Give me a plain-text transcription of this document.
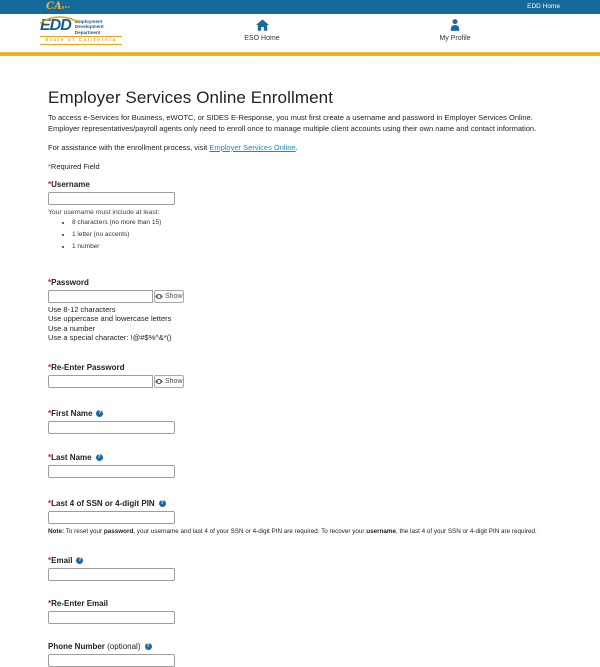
CAgov	EDD Home
EDD Employment
Development
Department
State of California	ESO Home	My Profile
Employer Services Online Enrollment

To access e-Services for Business, eWOTC, or SIDES E-Response, you must first create a username and password in Employer Services Online. Employer representatives/payroll agents only need to enroll once to manage multiple client accounts using their own name and contact information.

For assistance with the enrollment process, visit Employer Services Online.

*Required Field

* Username
Your username must include at least:
• 8 characters (no more than 15)
• 1 letter (no accents)
• 1 number
* Password
Show
Use 8-12 characters
Use uppercase and lowercase letters
Use a number
Use a special character: !@#$%^&*()
* Re-Enter Password
Show
* First Name
?
* Last Name
?
* Last 4 of SSN or 4-digit PIN
?

Note: To reset your password, your username and last 4 of your SSN or 4-digit PIN are required. To recover your username, the last 4 of your SSN or 4-digit PIN are required.

* Email
?
* Re-Enter Email
Phone Number
(optional)
?
